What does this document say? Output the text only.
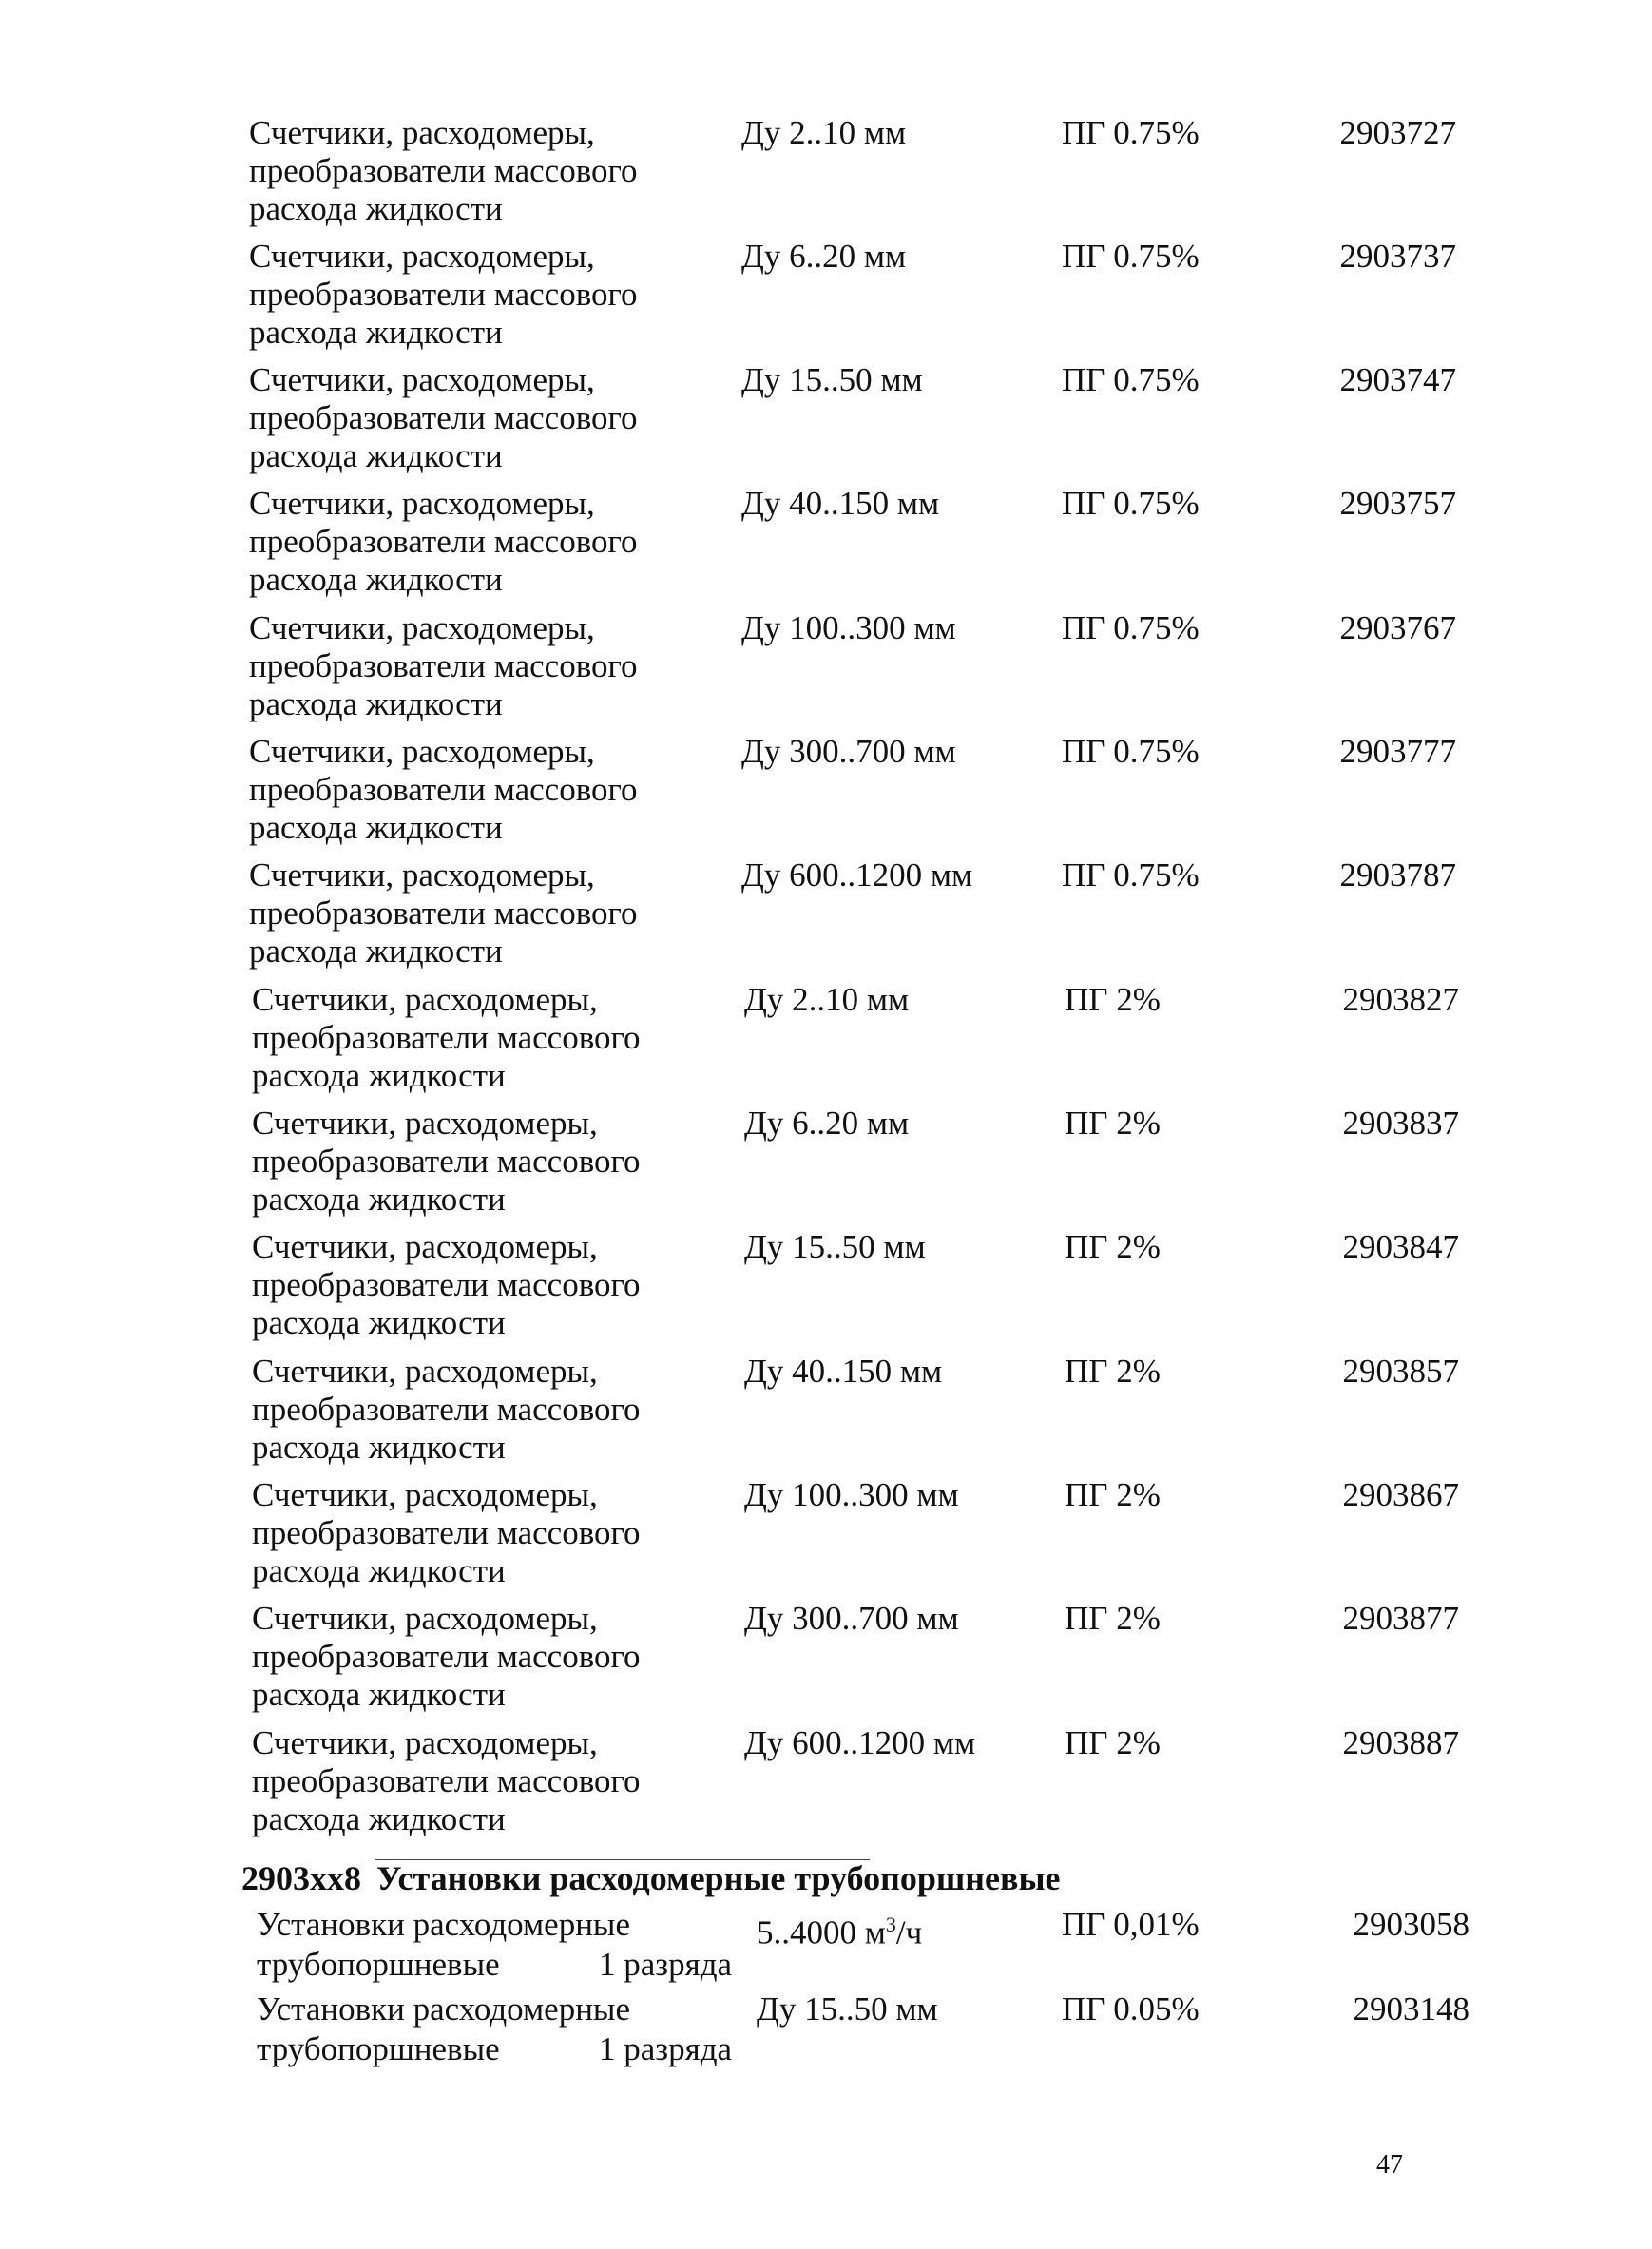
Счетчики, расходомеры,
преобразователи массового
расхода жидкости
Ду 2..10 мм	ПГ 0.75%	2903727
Счетчики, расходомеры,
преобразователи массового
расхода жидкости
Ду 6..20 мм	ПГ 0.75%	2903737
Счетчики, расходомеры,
преобразователи массового
расхода жидкости
Ду 15..50 мм	ПГ 0.75%	2903747
Счетчики, расходомеры,
преобразователи массового
расхода жидкости
Ду 40..150 мм	ПГ 0.75%	2903757
Счетчики, расходомеры,
преобразователи массового
расхода жидкости
Ду 100..300 мм	ПГ 0.75%	2903767
Счетчики, расходомеры,
преобразователи массового
расхода жидкости
Ду 300..700 мм	ПГ 0.75%	2903777
Счетчики, расходомеры,
преобразователи массового
расхода жидкости
Ду 600..1200 мм	ПГ 0.75%	2903787
Счетчики, расходомеры,
преобразователи массового
расхода жидкости
Ду 2..10 мм	ПГ 2%	2903827
Счетчики, расходомеры,
преобразователи массового
расхода жидкости
Ду 6..20 мм	ПГ 2%	2903837
Счетчики, расходомеры,
преобразователи массового
расхода жидкости
Ду 15..50 мм	ПГ 2%	2903847
Счетчики, расходомеры,
преобразователи массового
расхода жидкости
Ду 40..150 мм	ПГ 2%	2903857
Счетчики, расходомеры,
преобразователи массового
расхода жидкости
Ду 100..300 мм	ПГ 2%	2903867
Счетчики, расходомеры,
преобразователи массового
расхода жидкости
Ду 300..700 мм	ПГ 2%	2903877
Счетчики, расходомеры,
преобразователи массового
расхода жидкости
Ду 600..1200 мм	ПГ 2%	2903887
2903xx8 Установки расходомерные трубопоршневые
Установки расходомерные
трубопоршневые	1 разряда
5..4000 $м^3/ч$	ПГ 0,01%	2903058
Установки расходомерные
трубопоршневые	1 разряда
Ду 15..50 мм	ПГ 0.05%	2903148
47
